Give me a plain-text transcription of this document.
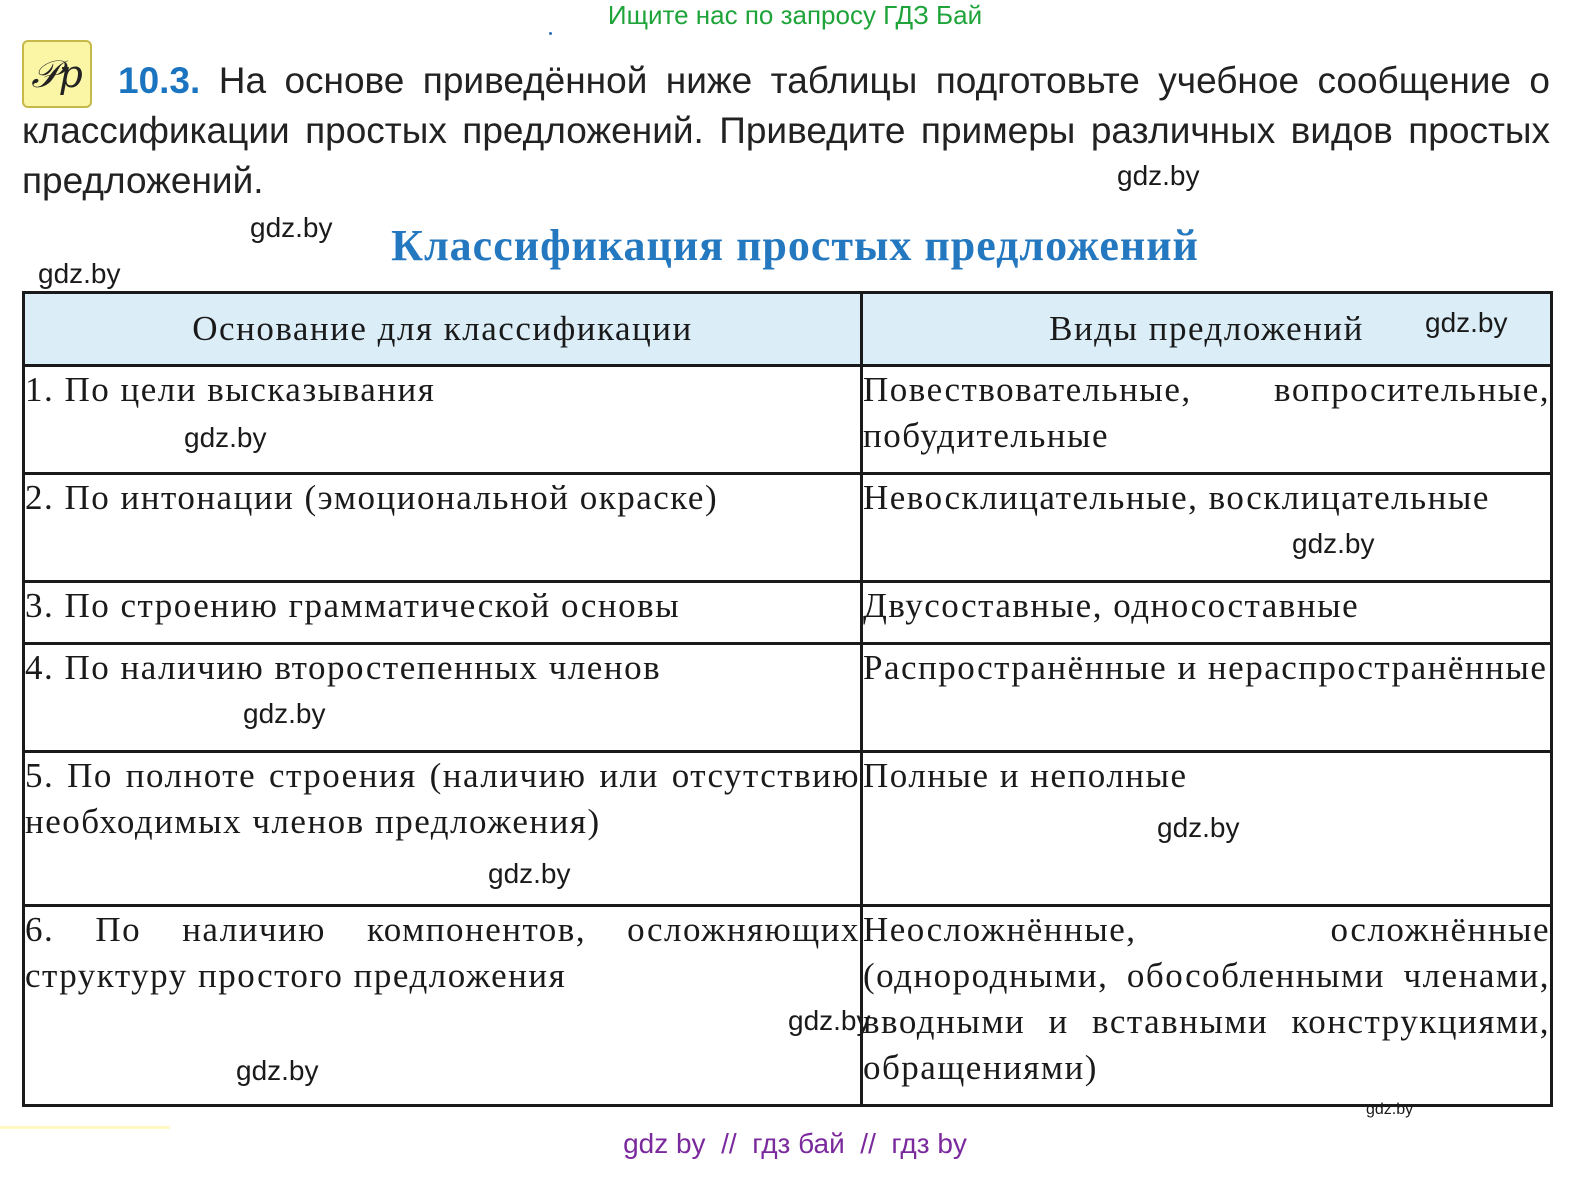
Ищите нас по запросу ГДЗ Бай
𝒫p 10.3. На основе приведённой ниже таблицы подготовьте учебное сообщение о классификации простых предложений. Приведите примеры различных видов простых предложений.
Классификация простых предложений
Основание для классификации	Виды предложений
1. По цели высказывания	Повествовательные, вопросительные, побудительные
2. По интонации (эмоциональной окраске)	Невосклицательные, восклицательные
3. По строению грамматической основы	Двусоставные, односоставные
4. По наличию второстепенных членов	Распространённые и нераспространённые
5. По полноте строения (наличию или отсутствию необходимых членов предложения)	Полные и неполные
6. По наличию компонентов, осложняющих структуру простого предложения	Неосложнённые, осложнённые (однородными, обособленными членами, вводными и вставными конструкциями, обращениями)
gdz.by
gdz.by
gdz.by
gdz.by
gdz.by
gdz.by
gdz.by
gdz.by
gdz.by
gdz.by
gdz.by
gdz.by
gdz by  //  гдз бай  //  гдз by
